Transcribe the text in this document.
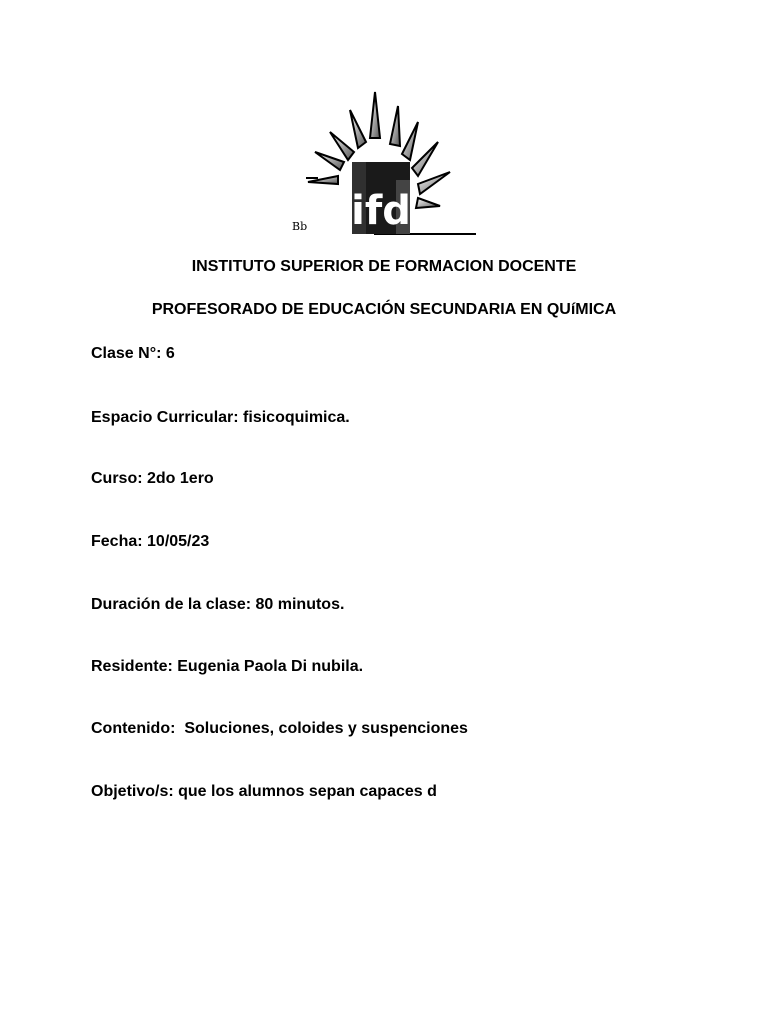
ifd
Bb
INSTITUTO SUPERIOR DE FORMACION DOCENTE
PROFESORADO DE EDUCACIÓN SECUNDARIA EN QUíMICA
Clase N°: 6
Espacio Curricular: fisicoquimica.
Curso: 2do 1ero
Fecha: 10/05/23
Duración de la clase: 80 minutos.
Residente: Eugenia Paola Di nubila.
Contenido:  Soluciones, coloides y suspenciones
Objetivo/s: que los alumnos sepan capaces d
